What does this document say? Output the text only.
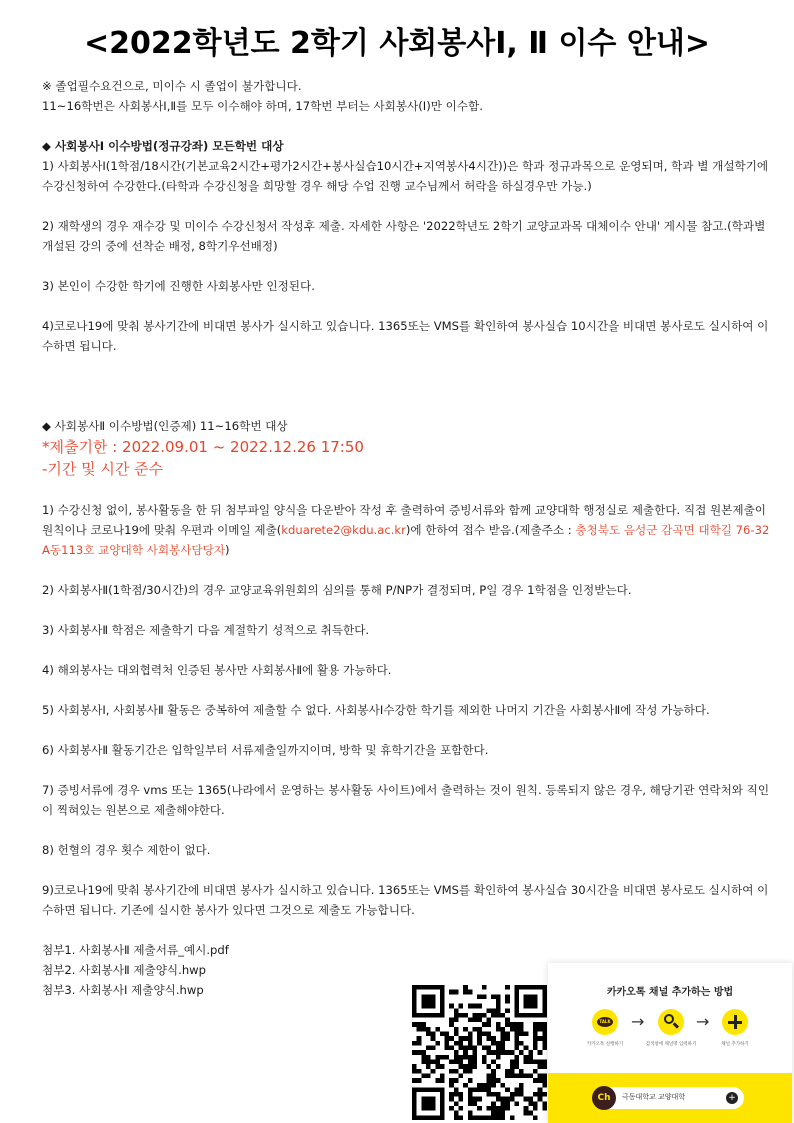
<2022학년도 2학기 사회봉사Ⅰ, Ⅱ 이수 안내>

※ 졸업필수요건으로, 미이수 시 졸업이 불가합니다.

11~16학번은 사회봉사Ⅰ,Ⅱ를 모두 이수해야 하며, 17학번 부터는 사회봉사(Ⅰ)만 이수함.

◆ 사회봉사Ⅰ 이수방법(정규강좌) 모든학번 대상

1) 사회봉사Ⅰ(1학점/18시간(기본교육2시간+평가2시간+봉사실습10시간+지역봉사4시간))은 학과 정규과목으로 운영되며, 학과 별 개설학기에 수강신청하여 수강한다.(타학과 수강신청을 희망할 경우 해당 수업 진행 교수님께서 허락을 하실경우만 가능.)

2) 재학생의 경우 재수강 및 미이수 수강신청서 작성후 제출. 자세한 사항은 '2022학년도 2학기 교양교과목 대체이수 안내' 게시물 참고.(학과별 개설된 강의 중에 선착순 배정, 8학기우선배정)

3) 본인이 수강한 학기에 진행한 사회봉사만 인정된다.

4)코로나19에 맞춰 봉사기간에 비대면 봉사가 실시하고 있습니다. 1365또는 VMS를 확인하여 봉사실습 10시간을 비대면 봉사로도 실시하여 이수하면 됩니다.

◆ 사회봉사Ⅱ 이수방법(인증제) 11~16학번 대상

*제출기한 : 2022.09.01 ~ 2022.12.26 17:50

-기간 및 시간 준수

1) 수강신청 없이, 봉사활동을 한 뒤 첨부파일 양식을 다운받아 작성 후 출력하여 증빙서류와 함께 교양대학 행정실로 제출한다. 직접 원본제출이 원칙이나 코로나19에 맞춰 우편과 이메일 제출(kduarete2@kdu.ac.kr)에 한하여 접수 받음.(제출주소 : 충청북도 음성군 감곡면 대학길 76-32 A동113호 교양대학 사회봉사담당자)

2) 사회봉사Ⅱ(1학점/30시간)의 경우 교양교육위원회의 심의를 통해 P/NP가 결정되며, P일 경우 1학점을 인정받는다.

3) 사회봉사Ⅱ 학점은 제출학기 다음 계절학기 성적으로 취득한다.

4) 해외봉사는 대외협력처 인증된 봉사만 사회봉사Ⅱ에 활용 가능하다.

5) 사회봉사Ⅰ, 사회봉사Ⅱ 활동은 중복하여 제출할 수 없다. 사회봉사Ⅰ수강한 학기를 제외한 나머지 기간을 사회봉사Ⅱ에 작성 가능하다.

6) 사회봉사Ⅱ 활동기간은 입학일부터 서류제출일까지이며, 방학 및 휴학기간을 포함한다.

7) 증빙서류에 경우 vms 또는 1365(나라에서 운영하는 봉사활동 사이트)에서 출력하는 것이 원칙. 등록되지 않은 경우, 해당기관 연락처와 직인이 찍혀있는 원본으로 제출해야한다.

8) 헌혈의 경우 횟수 제한이 없다.

9)코로나19에 맞춰 봉사기간에 비대면 봉사가 실시하고 있습니다. 1365또는 VMS를 확인하여 봉사실습 30시간을 비대면 봉사로도 실시하여 이수하면 됩니다. 기존에 실시한 봉사가 있다면 그것으로 제출도 가능합니다.

첨부1. 사회봉사Ⅱ 제출서류_예시.pdf

첨부2. 사회봉사Ⅱ 제출양식.hwp

첨부3. 사회봉사Ⅰ 제출양식.hwp	카카오톡 채널 추가하는 방법
TALK	→	→
카카오톡 실행하기	검색창에 채널명 입력하기	채널 추가하기
Ch	극동대학교 교양대학	+
